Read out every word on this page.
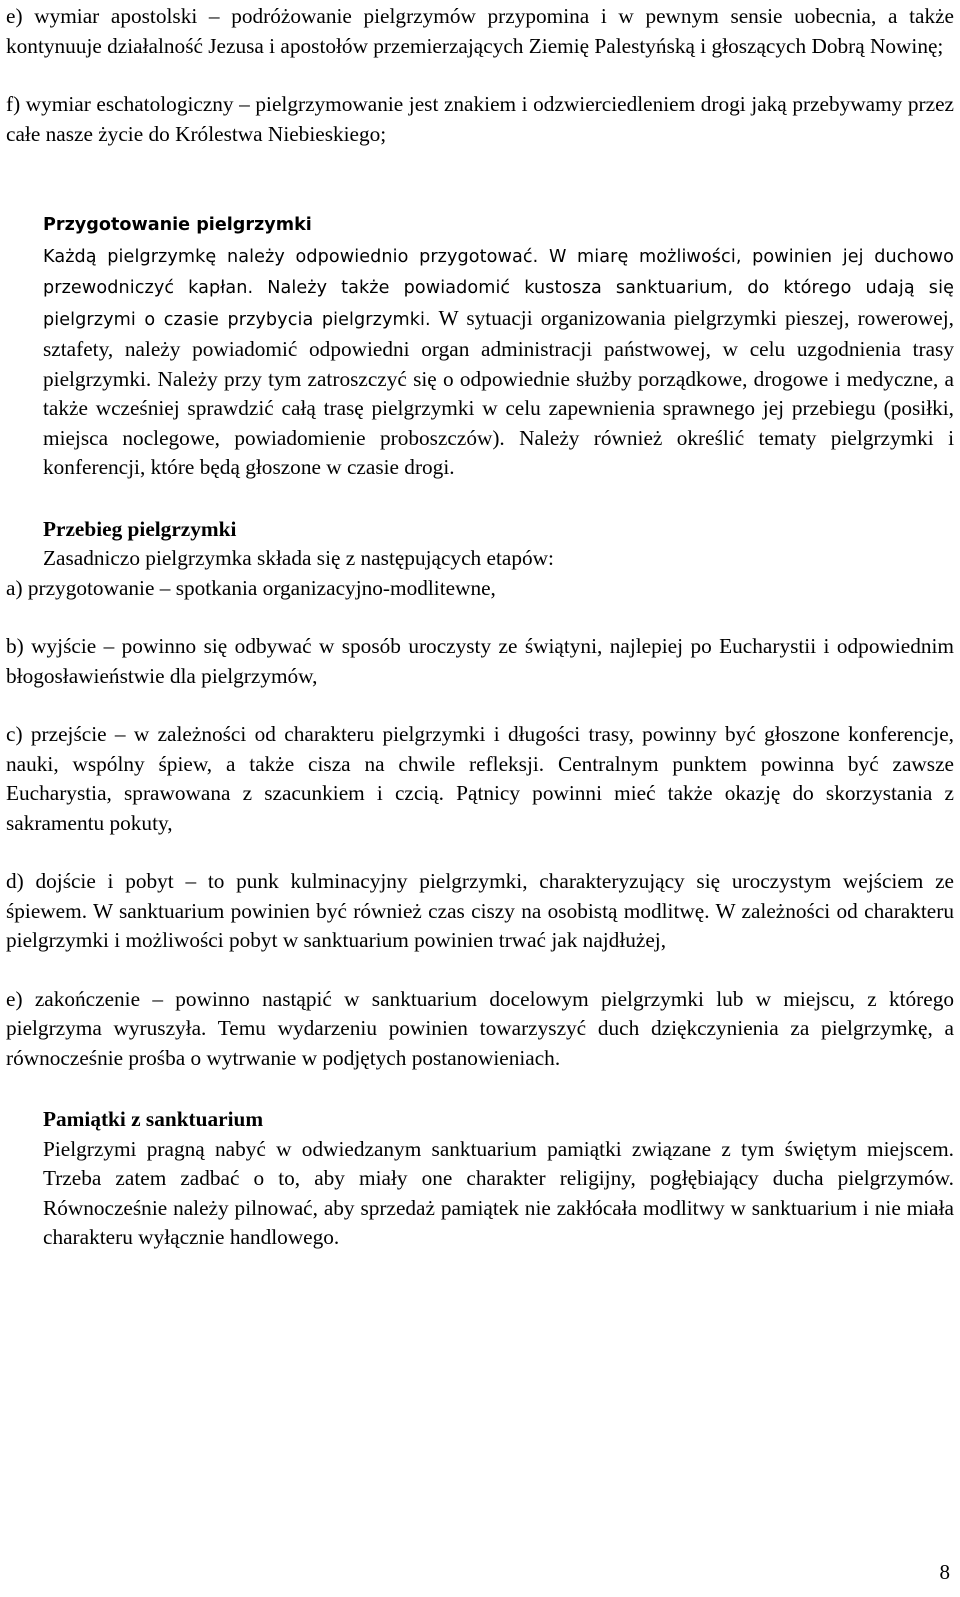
e) wymiar apostolski – podróżowanie pielgrzymów przypomina i w pewnym sensie uobecnia, a także kontynuuje działalność Jezusa i apostołów przemierzających Ziemię Palestyńską i głoszących Dobrą Nowinę;

f) wymiar eschatologiczny – pielgrzymowanie jest znakiem i odzwierciedleniem drogi jaką przebywamy przez całe nasze życie do Królestwa Niebieskiego;

Przygotowanie pielgrzymki

Każdą pielgrzymkę należy odpowiednio przygotować. W miarę możliwości, powinien jej duchowo przewodniczyć kapłan. Należy także powiadomić kustosza sanktuarium, do którego udają się pielgrzymi o czasie przybycia pielgrzymki. W sytuacji organizowania pielgrzymki pieszej, rowerowej, sztafety, należy powiadomić odpowiedni organ administracji państwowej, w celu uzgodnienia trasy pielgrzymki. Należy przy tym zatroszczyć się o odpowiednie służby porządkowe, drogowe i medyczne, a także wcześniej sprawdzić całą trasę pielgrzymki w celu zapewnienia sprawnego jej przebiegu (posiłki, miejsca noclegowe, powiadomienie proboszczów). Należy również określić tematy pielgrzymki i konferencji, które będą głoszone w czasie drogi.

Przebieg pielgrzymki

Zasadniczo pielgrzymka składa się z następujących etapów:

a) przygotowanie – spotkania organizacyjno-modlitewne,

b) wyjście – powinno się odbywać w sposób uroczysty ze świątyni, najlepiej po Eucharystii i odpowiednim błogosławieństwie dla pielgrzymów,

c) przejście – w zależności od charakteru pielgrzymki i długości trasy, powinny być głoszone konferencje, nauki, wspólny śpiew, a także cisza na chwile refleksji. Centralnym punktem powinna być zawsze Eucharystia, sprawowana z szacunkiem i czcią. Pątnicy powinni mieć także okazję do skorzystania z sakramentu pokuty,

d) dojście i pobyt – to punk kulminacyjny pielgrzymki, charakteryzujący się uroczystym wejściem ze śpiewem. W sanktuarium powinien być również czas ciszy na osobistą modlitwę. W zależności od charakteru pielgrzymki i możliwości pobyt w sanktuarium powinien trwać jak najdłużej,

e) zakończenie – powinno nastąpić w sanktuarium docelowym pielgrzymki lub w miejscu, z którego pielgrzyma wyruszyła. Temu wydarzeniu powinien towarzyszyć duch dziękczynienia za pielgrzymkę, a równocześnie prośba o wytrwanie w podjętych postanowieniach.

Pamiątki z sanktuarium

Pielgrzymi pragną nabyć w odwiedzanym sanktuarium pamiątki związane z tym świętym miejscem. Trzeba zatem zadbać o to, aby miały one charakter religijny, pogłębiający ducha pielgrzymów. Równocześnie należy pilnować, aby sprzedaż pamiątek nie zakłócała modlitwy w sanktuarium i nie miała charakteru wyłącznie handlowego.

8
